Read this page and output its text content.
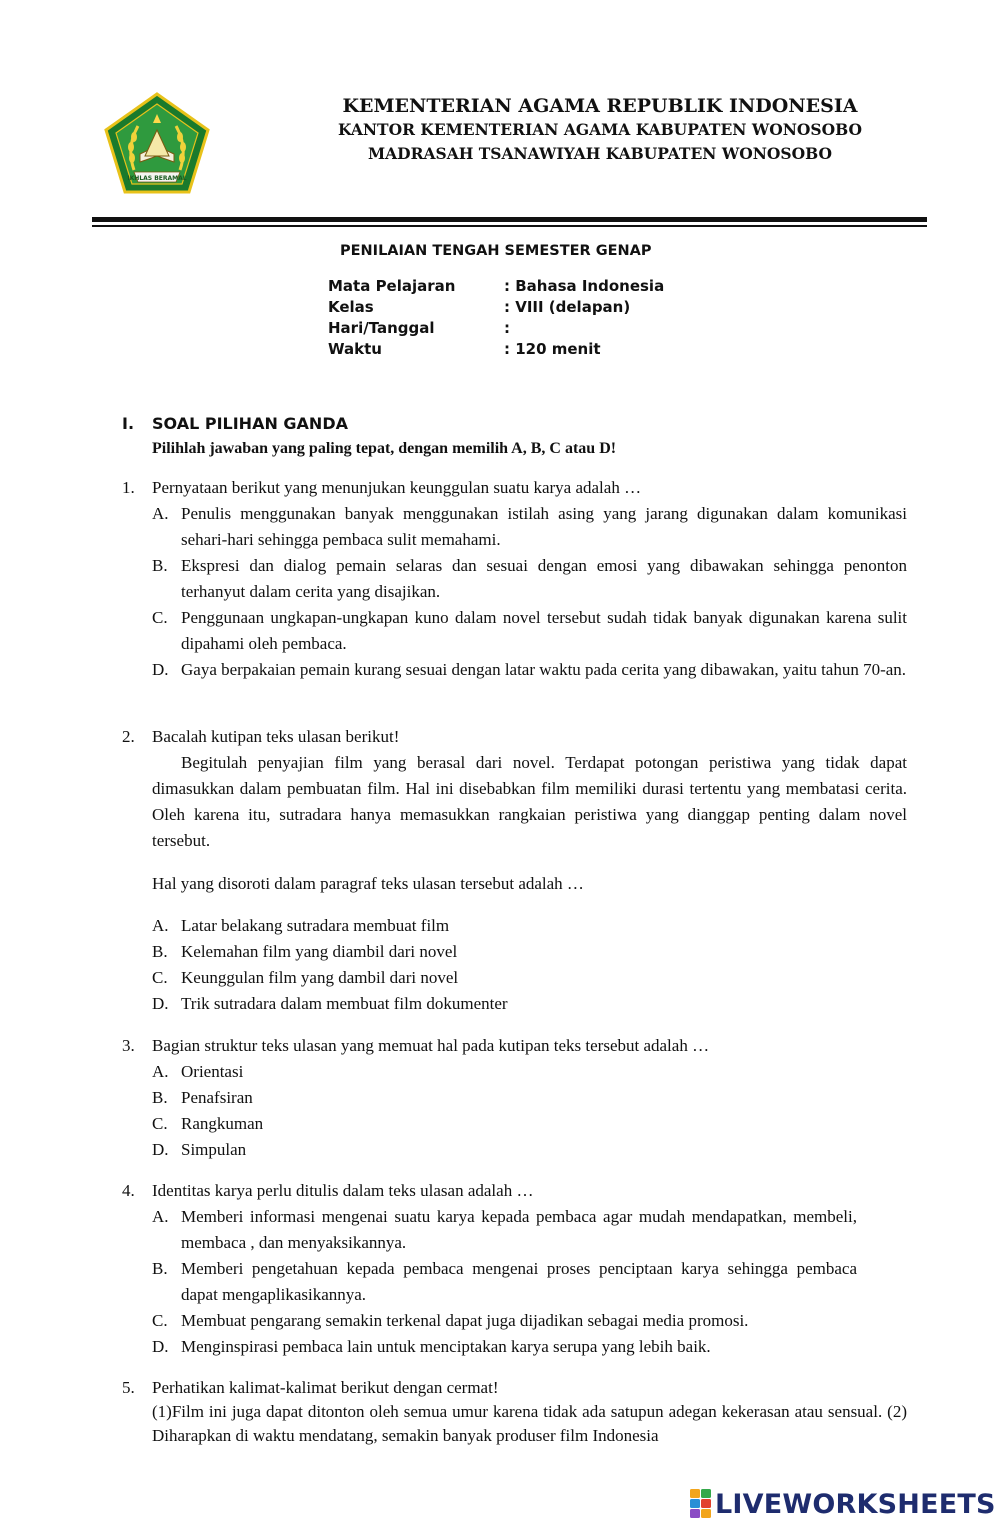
IKHLAS BERAMAL
KEMENTERIAN AGAMA REPUBLIK INDONESIA
KANTOR KEMENTERIAN AGAMA KABUPATEN WONOSOBO
MADRASAH TSANAWIYAH KABUPATEN WONOSOBO
PENILAIAN TENGAH SEMESTER GENAP
Mata Pelajaran	: Bahasa Indonesia
Kelas	: VIII (delapan)
Hari/Tanggal	:
Waktu	: 120 menit
I. SOAL PILIHAN GANDA
Pilihlah jawaban yang paling tepat, dengan memilih A, B, C atau D!
1. Pernyataan berikut yang menunjukan keunggulan suatu karya adalah …
A. Penulis menggunakan banyak menggunakan istilah asing yang jarang digunakan dalam komunikasi sehari-hari sehingga pembaca sulit memahami.
B. Ekspresi dan dialog pemain selaras dan sesuai dengan emosi yang dibawakan sehingga penonton terhanyut dalam cerita yang disajikan.
C. Penggunaan ungkapan-ungkapan kuno dalam novel tersebut sudah tidak banyak digunakan karena sulit dipahami oleh pembaca.
D. Gaya berpakaian pemain kurang sesuai dengan latar waktu pada cerita yang dibawakan, yaitu tahun 70-an.
2. Bacalah kutipan teks ulasan berikut!
Begitulah penyajian film yang berasal dari novel. Terdapat potongan peristiwa yang tidak dapat dimasukkan dalam pembuatan film. Hal ini disebabkan film memiliki durasi tertentu yang membatasi cerita. Oleh karena itu, sutradara hanya memasukkan rangkaian peristiwa yang dianggap penting dalam novel tersebut.
Hal yang disoroti dalam paragraf teks ulasan tersebut adalah …
A. Latar belakang sutradara membuat film
B. Kelemahan film yang diambil dari novel
C. Keunggulan film yang dambil dari novel
D. Trik sutradara dalam membuat film dokumenter
3. Bagian struktur teks ulasan yang memuat hal pada kutipan teks tersebut adalah …
A. Orientasi
B. Penafsiran
C. Rangkuman
D. Simpulan
4. Identitas karya perlu ditulis dalam teks ulasan adalah …
A. Memberi informasi mengenai suatu karya kepada pembaca agar mudah mendapatkan, membeli, membaca , dan menyaksikannya.
B. Memberi pengetahuan kepada pembaca mengenai proses penciptaan karya sehingga pembaca dapat mengaplikasikannya.
C. Membuat pengarang semakin terkenal dapat juga dijadikan sebagai media promosi.
D. Menginspirasi pembaca lain untuk menciptakan karya serupa yang lebih baik.
5. Perhatikan kalimat-kalimat berikut dengan cermat!
(1)Film ini juga dapat ditonton oleh semua umur karena tidak ada satupun adegan kekerasan atau sensual. (2) Diharapkan di waktu mendatang, semakin banyak produser film Indonesia
LIVEWORKSHEETS
